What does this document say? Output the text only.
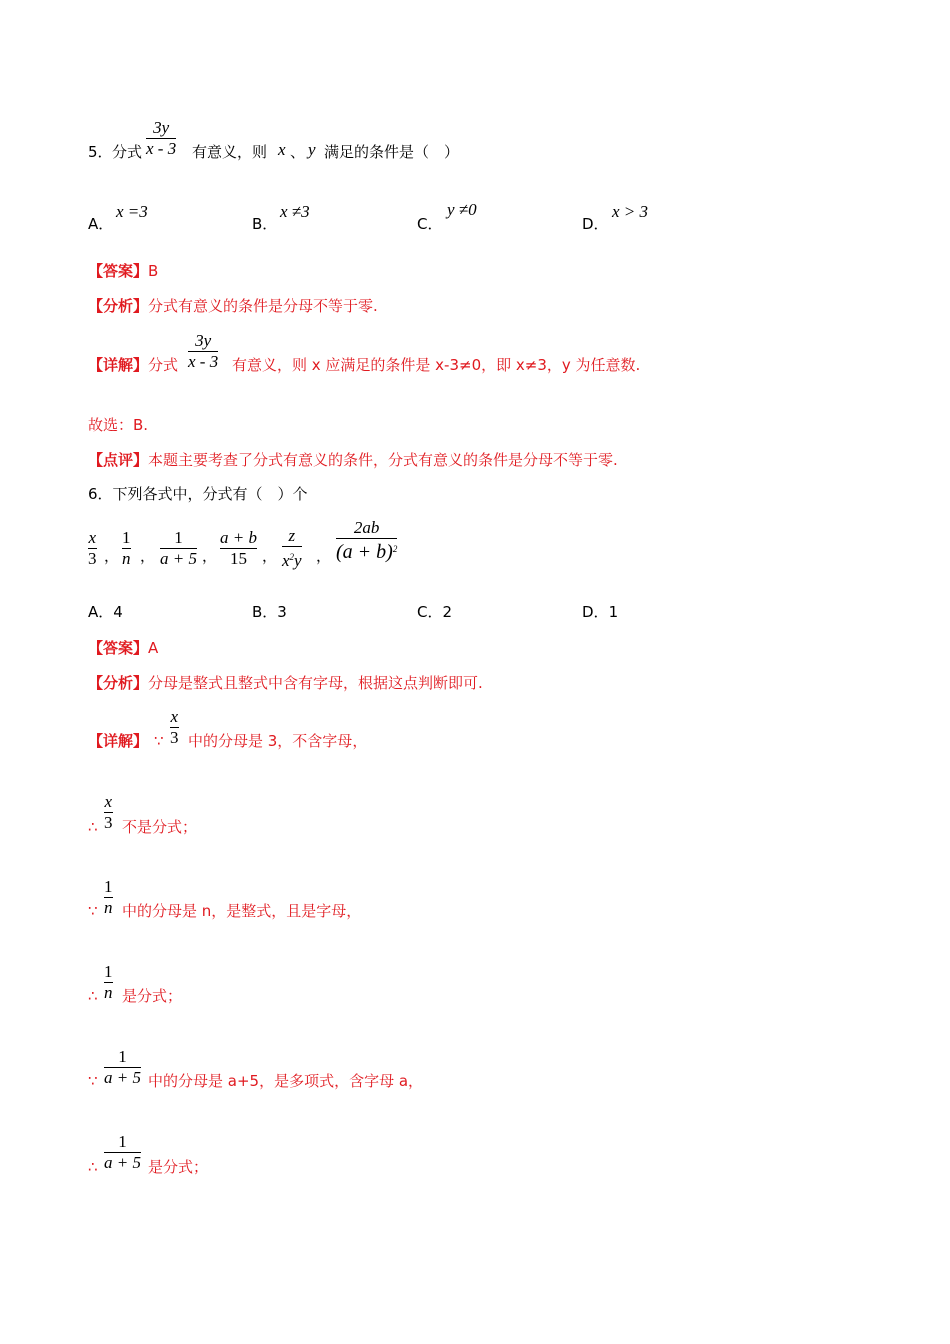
5． 分式
3y
x - 3 有意义，则 x 、 y 满足的条件是（　）
A．
x =3
B．
x ≠3
C．
y ≠0
D．
x > 3
【答案】B
【分析】分式有意义的条件是分母不等于零.
【详解】分式
3y
x - 3 有意义，则 x 应满足的条件是 x-3≠0，即 x≠3，y 为任意数.
故选：B.
【点评】本题主要考查了分式有意义的条件，分式有意义的条件是分母不等于零.
6．下列各式中，分式有（　）个
x
3 ，
1
n ，
1
a + 5 ，
a + b
15	，
z
$x^2y$ ，
2ab
$(a + b)^2$
A．4	B．3	C．2	D．1
【答案】A
【分析】分母是整式且整式中含有字母，根据这点判断即可.
【详解】 ∵
x
3 中的分母是 3，不含字母，
∴
x
3 不是分式；
∵
1
n 中的分母是 n，是整式，且是字母，
∴
1
n 是分式；
∵
1
a + 5 中的分母是 a+5，是多项式，含字母 a，
∴
1
a + 5 是分式；
